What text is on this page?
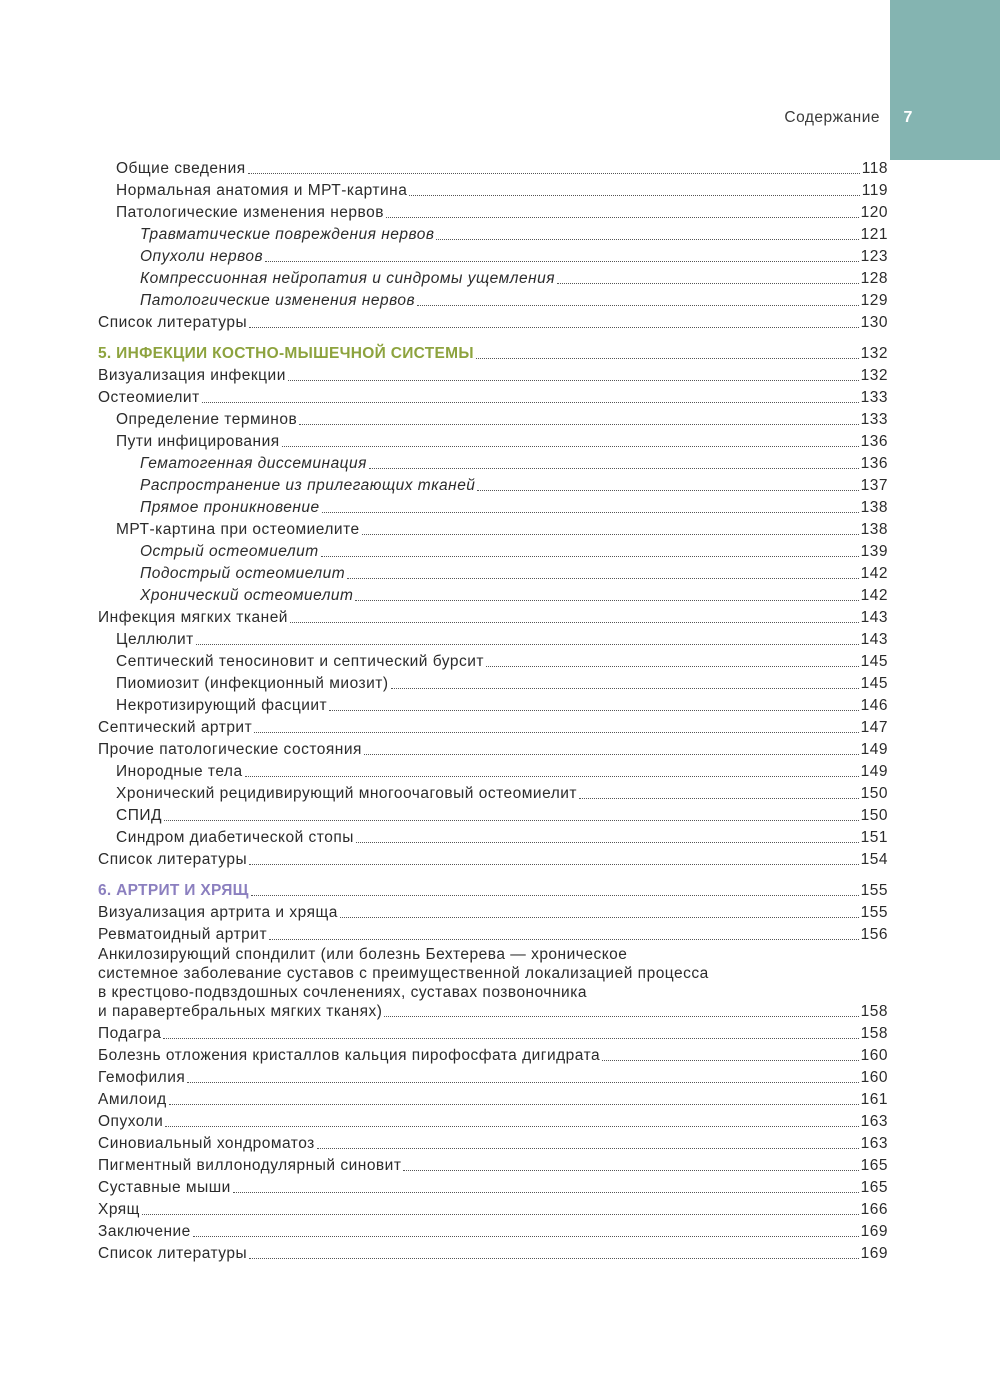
7
Содержание
Общие сведения	118
Нормальная анатомия и МРТ-картина	119
Патологические изменения нервов	120
Травматические повреждения нервов	121
Опухоли нервов	123
Компрессионная нейропатия и синдромы ущемления	128
Патологические изменения нервов	129
Список литературы	130
5. ИНФЕКЦИИ КОСТНО-МЫШЕЧНОЙ СИСТЕМЫ	132
Визуализация инфекции	132
Остеомиелит	133
Определение терминов	133
Пути инфицирования	136
Гематогенная диссеминация	136
Распространение из прилегающих тканей	137
Прямое проникновение	138
МРТ-картина при остеомиелите	138
Острый остеомиелит	139
Подострый остеомиелит	142
Хронический остеомиелит	142
Инфекция мягких тканей	143
Целлюлит	143
Септический теносиновит и септический бурсит	145
Пиомиозит (инфекционный миозит)	145
Некротизирующий фасциит	146
Септический артрит	147
Прочие патологические состояния	149
Инородные тела	149
Хронический рецидивирующий многоочаговый остеомиелит	150
СПИД	150
Синдром диабетической стопы	151
Список литературы	154
6. АРТРИТ И ХРЯЩ	155
Визуализация артрита и хряща	155
Ревматоидный артрит	156
Анкилозирующий спондилит (или болезнь Бехтерева — хроническое
системное заболевание суставов с преимущественной локализацией процесса
в крестцово-подвздошных сочленениях, суставах позвоночника
и паравертебральных мягких тканях)	158
Подагра	158
Болезнь отложения кристаллов кальция пирофосфата дигидрата	160
Гемофилия	160
Амилоид	161
Опухоли	163
Синовиальный хондроматоз	163
Пигментный виллонодулярный синовит	165
Суставные мыши	165
Хрящ	166
Заключение	169
Список литературы	169
